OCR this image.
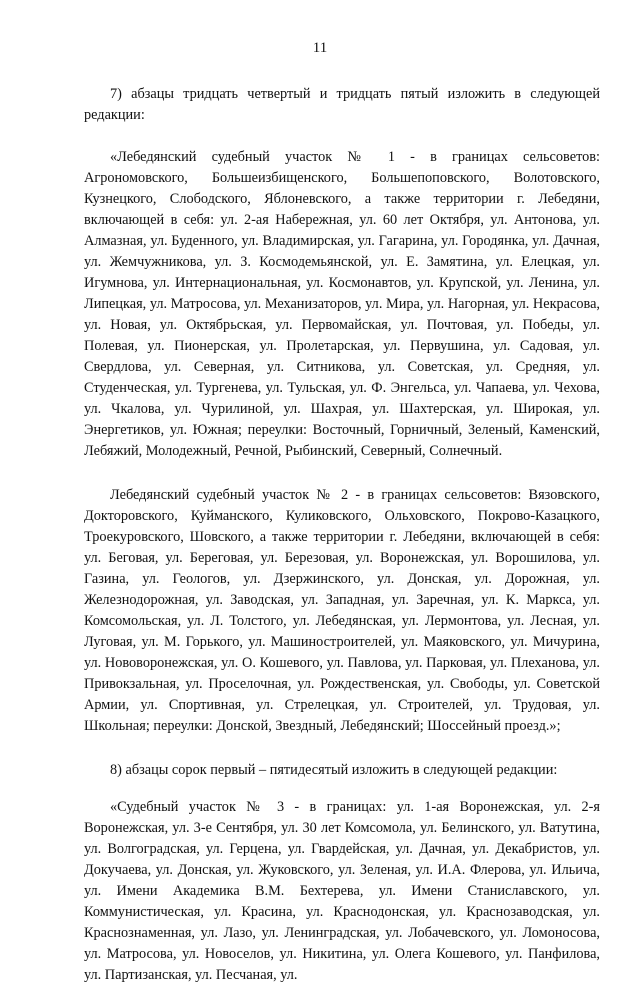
11

7) абзацы тридцать четвертый и тридцать пятый изложить в следующей редакции:

«Лебедянский судебный участок № 1 - в границах сельсоветов: Агрономовского, Большеизбищенского, Большепоповского, Волотовского, Кузнецкого, Слободского, Яблоневского, а также территории г. Лебедяни, включающей в себя: ул. 2-ая Набережная, ул. 60 лет Октября, ул. Антонова, ул. Алмазная, ул. Буденного, ул. Владимирская, ул. Гагарина, ул. Городянка, ул. Дачная, ул. Жемчужникова, ул. З. Космодемьянской, ул. Е. Замятина, ул. Елецкая, ул. Игумнова, ул. Интернациональная, ул. Космонавтов, ул. Крупской, ул. Ленина, ул. Липецкая, ул. Матросова, ул. Механизаторов, ул. Мира, ул. Нагорная, ул. Некрасова, ул. Новая, ул. Октябрьская, ул. Первомайская, ул. Почтовая, ул. Победы, ул. Полевая, ул. Пионерская, ул. Пролетарская, ул. Первушина, ул. Садовая, ул. Свердлова, ул. Северная, ул. Ситникова, ул. Советская, ул. Средняя, ул. Студенческая, ул. Тургенева, ул. Тульская, ул. Ф. Энгельса, ул. Чапаева, ул. Чехова, ул. Чкалова, ул. Чурилиной, ул. Шахрая, ул. Шахтерская, ул. Широкая, ул. Энергетиков, ул. Южная; переулки: Восточный, Горничный, Зеленый, Каменский, Лебяжий, Молодежный, Речной, Рыбинский, Северный, Солнечный.

Лебедянский судебный участок № 2 - в границах сельсоветов: Вязовского, Докторовского, Куйманского, Куликовского, Ольховского, Покрово-Казацкого, Троекуровского, Шовского, а также территории г. Лебедяни, включающей в себя: ул. Беговая, ул. Береговая, ул. Березовая, ул. Воронежская, ул. Ворошилова, ул. Газина, ул. Геологов, ул. Дзержинского, ул. Донская, ул. Дорожная, ул. Железнодорожная, ул. Заводская, ул. Западная, ул. Заречная, ул. К. Маркса, ул. Комсомольская, ул. Л. Толстого, ул. Лебедянская, ул. Лермонтова, ул. Лесная, ул. Луговая, ул. М. Горького, ул. Машиностроителей, ул. Маяковского, ул. Мичурина, ул. Нововоронежская, ул. О. Кошевого, ул. Павлова, ул. Парковая, ул. Плеханова, ул. Привокзальная, ул. Проселочная, ул. Рождественская, ул. Свободы, ул. Советской Армии, ул. Спортивная, ул. Стрелецкая, ул. Строителей, ул. Трудовая, ул. Школьная; переулки: Донской, Звездный, Лебедянский; Шоссейный проезд.»;

8) абзацы сорок первый – пятидесятый изложить в следующей редакции:

«Судебный участок № 3 - в границах: ул. 1-ая Воронежская, ул. 2-я Воронежская, ул. 3-е Сентября, ул. 30 лет Комсомола, ул. Белинского, ул. Ватутина, ул. Волгоградская, ул. Герцена, ул. Гвардейская, ул. Дачная, ул. Декабристов, ул. Докучаева, ул. Донская, ул. Жуковского, ул. Зеленая, ул. И.А. Флерова, ул. Ильича, ул. Имени Академика В.М. Бехтерева, ул. Имени Станиславского, ул. Коммунистическая, ул. Красина, ул. Краснодонская, ул. Краснозаводская, ул. Краснознаменная, ул. Лазо, ул. Ленинградская, ул. Лобачевского, ул. Ломоносова, ул. Матросова, ул. Новоселов, ул. Никитина, ул. Олега Кошевого, ул. Панфилова, ул. Партизанская, ул. Песчаная, ул.
